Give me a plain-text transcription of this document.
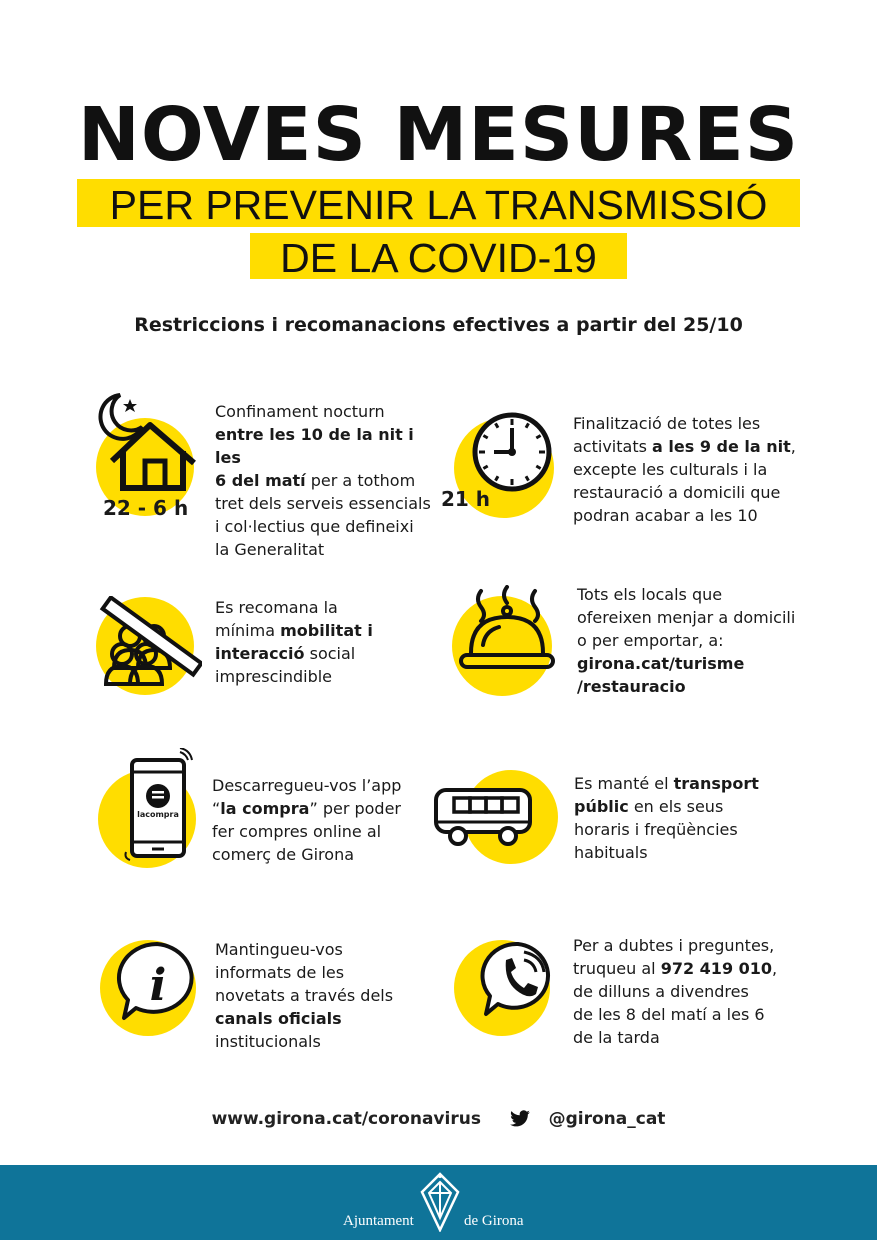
NOVES MESURES
PER PREVENIR LA TRANSMISSIÓ
DE LA COVID-19
Restriccions i recomanacions efectives a partir del 25/10
22 - 6 h
Confinament nocturn
entre les 10 de la nit i les
6 del matí per a tothom
tret dels serveis essencials
i col·lectius que defineixi
la Generalitat
21 h
Finalització de totes les
activitats a les 9 de la nit,
excepte les culturals i la
restauració a domicili que
podran acabar a les 10
Es recomana la
mínima mobilitat i
interacció social
imprescindible
Tots els locals que
ofereixen menjar a domicili
o per emportar, a:
girona.cat/turisme
/restauracio
lacompra
Descarregueu-vos l’app
“la compra” per poder
fer compres online al
comerç de Girona
Es manté el transport
públic en els seus
horaris i freqüències
habituals
i
Mantingueu-vos
informats de les
novetats a través dels
canals oficials
institucionals
Per a dubtes i preguntes,
truqueu al 972 419 010,
de dilluns a divendres
de les 8 del matí a les 6
de la tarda
www.girona.cat/coronavirus	@girona_cat
Ajuntament	de Girona
